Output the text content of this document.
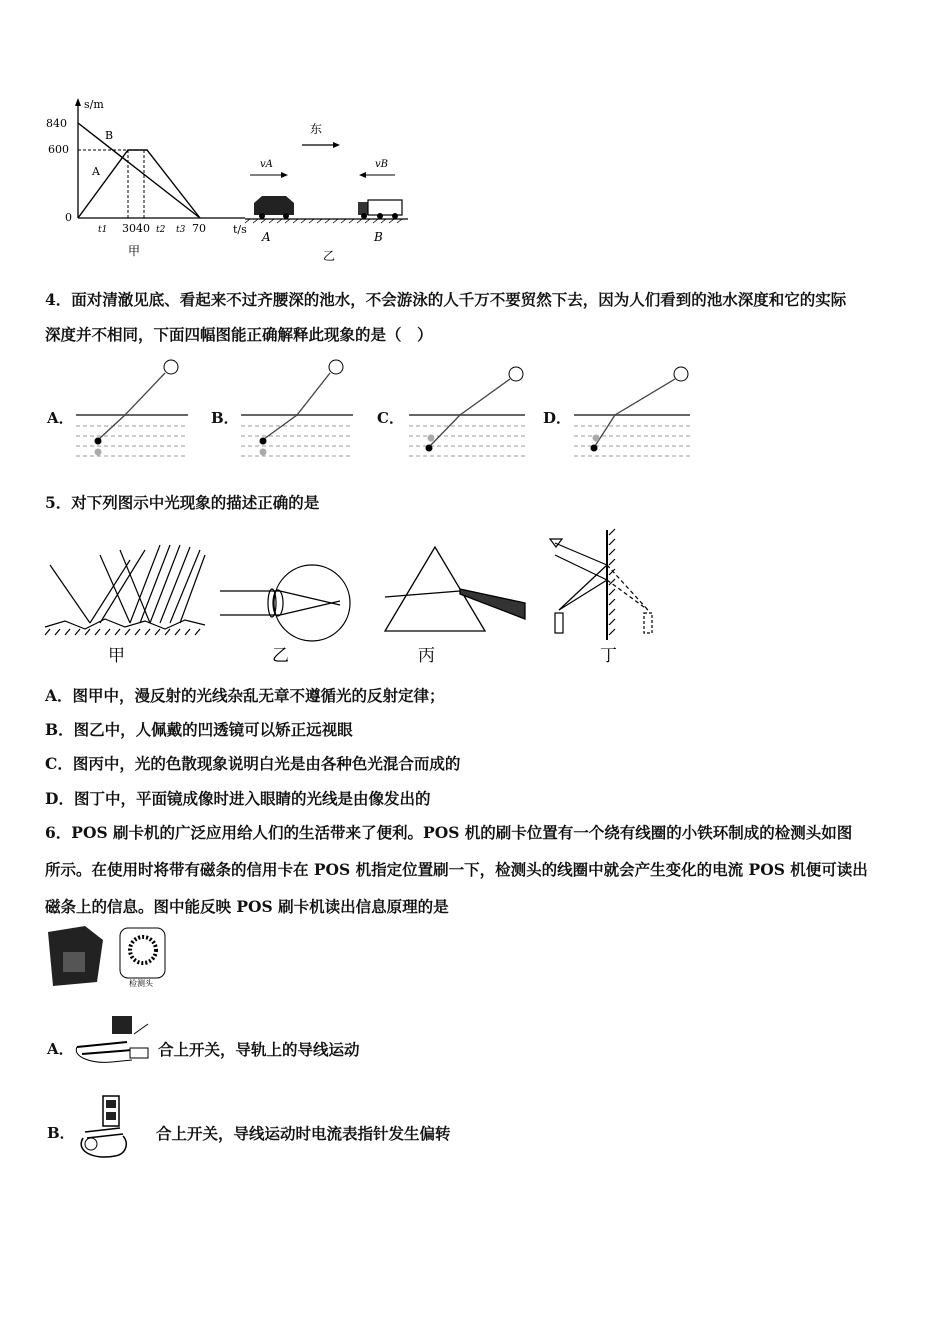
s/m
t/s
840
600
0
A
B
t1 30 40 t2 t3 70
甲
东
vA	vB
A	B
乙
4．面对清澈见底、看起来不过齐腰深的池水，不会游泳的人千万不要贸然下去，因为人们看到的池水深度和它的实际
深度并不相同，下面四幅图能正确解释此现象的是（　）
A．	B．	C．	D．
5．对下列图示中光现象的描述正确的是
甲	乙	丙	丁
A．图甲中，漫反射的光线杂乱无章不遵循光的反射定律；
B．图乙中，人佩戴的凹透镜可以矫正远视眼
C．图丙中，光的色散现象说明白光是由各种色光混合而成的
D．图丁中，平面镜成像时进入眼睛的光线是由像发出的
6．POS 刷卡机的广泛应用给人们的生活带来了便利。POS 机的刷卡位置有一个绕有线圈的小铁环制成的检测头如图
所示。在使用时将带有磁条的信用卡在 POS 机指定位置刷一下，检测头的线圈中就会产生变化的电流 POS 机便可读出
磁条上的信息。图中能反映 POS 刷卡机读出信息原理的是
检测头
A．	合上开关，导轨上的导线运动
B．	合上开关，导线运动时电流表指针发生偏转
